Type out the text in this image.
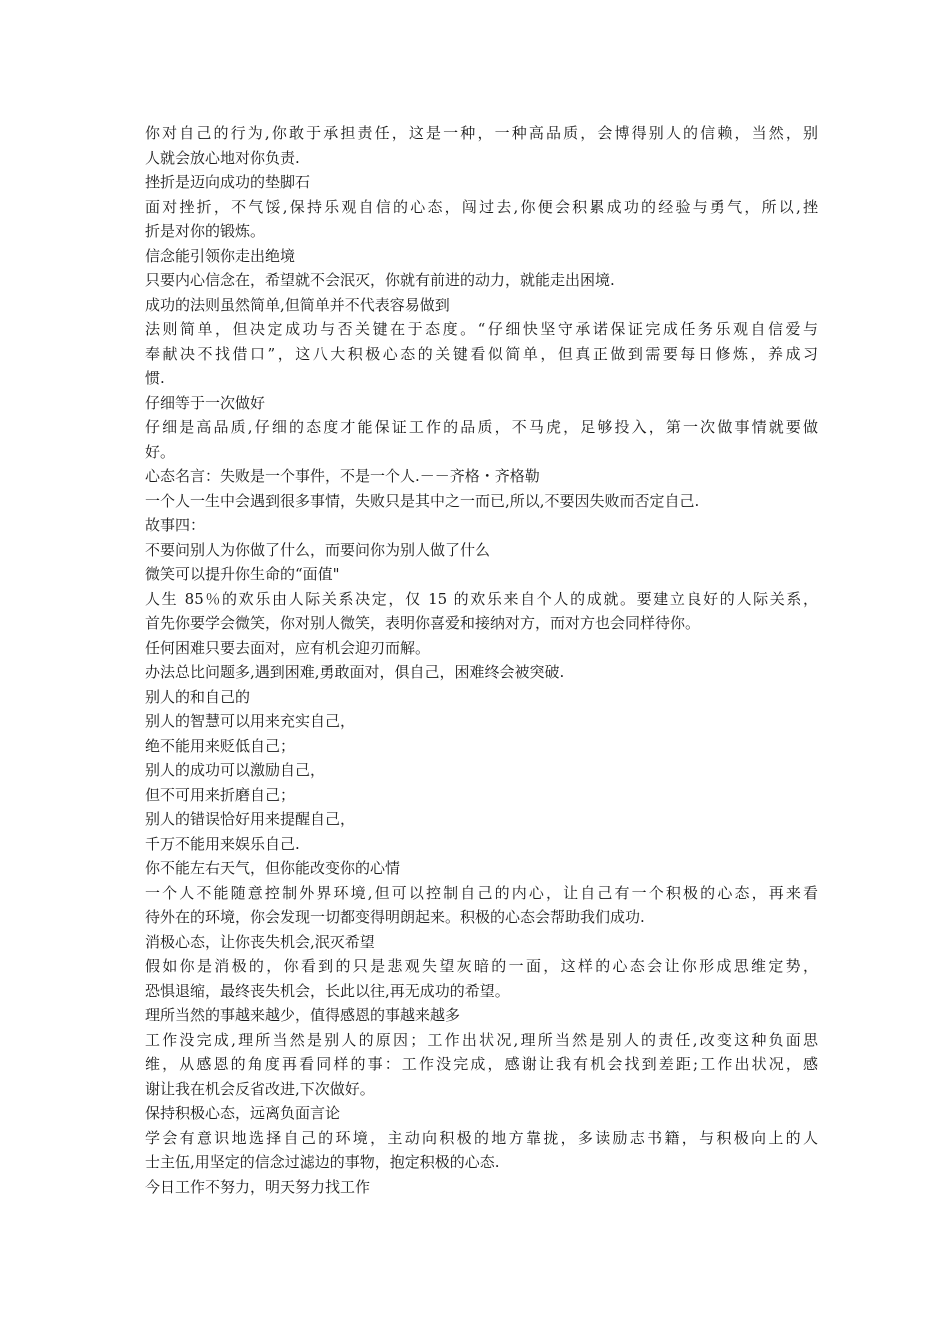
你对自己的行为,你敢于承担责任，这是一种，一种高品质，会博得别人的信赖，当然，别
人就会放心地对你负责.
挫折是迈向成功的垫脚石
面对挫折，不气馁,保持乐观自信的心态，闯过去,你便会积累成功的经验与勇气，所以,挫
折是对你的锻炼。
信念能引领你走出绝境
只要内心信念在，希望就不会泯灭，你就有前进的动力，就能走出困境.
成功的法则虽然简单,但简单并不代表容易做到
法则简单，但决定成功与否关键在于态度。“仔细快坚守承诺保证完成任务乐观自信爱与
奉献决不找借口”，这八大积极心态的关键看似简单，但真正做到需要每日修炼，养成习
惯.
仔细等于一次做好
仔细是高品质,仔细的态度才能保证工作的品质，不马虎，足够投入，第一次做事情就要做
好。
心态名言：失败是一个事件，不是一个人.－－齐格・齐格勒
一个人一生中会遇到很多事情，失败只是其中之一而已,所以,不要因失败而否定自己.
故事四：
不要问别人为你做了什么，而要问你为别人做了什么
微笑可以提升你生命的“面值"
人生 85％的欢乐由人际关系决定，仅 15 的欢乐来自个人的成就。要建立良好的人际关系，
首先你要学会微笑，你对别人微笑，表明你喜爱和接纳对方，而对方也会同样待你。
任何困难只要去面对，应有机会迎刃而解。
办法总比问题多,遇到困难,勇敢面对，俱自己，困难终会被突破.
别人的和自己的
别人的智慧可以用来充实自己，
绝不能用来贬低自己；
别人的成功可以激励自己，
但不可用来折磨自己；
别人的错误恰好用来提醒自己，
千万不能用来娱乐自己.
你不能左右天气，但你能改变你的心情
一个人不能随意控制外界环境,但可以控制自己的内心，让自己有一个积极的心态，再来看
待外在的环境，你会发现一切都变得明朗起来。积极的心态会帮助我们成功.
消极心态，让你丧失机会,泯灭希望
假如你是消极的，你看到的只是悲观失望灰暗的一面，这样的心态会让你形成思维定势，
恐惧退缩，最终丧失机会，长此以往,再无成功的希望。
理所当然的事越来越少，值得感恩的事越来越多
工作没完成,理所当然是别人的原因；工作出状况,理所当然是别人的责任,改变这种负面思
维，从感恩的角度再看同样的事：工作没完成，感谢让我有机会找到差距;工作出状况，感
谢让我在机会反省改进,下次做好。
保持积极心态，远离负面言论
学会有意识地选择自己的环境，主动向积极的地方靠拢，多读励志书籍，与积极向上的人
士主伍,用坚定的信念过滤边的事物，抱定积极的心态.
今日工作不努力，明天努力找工作
